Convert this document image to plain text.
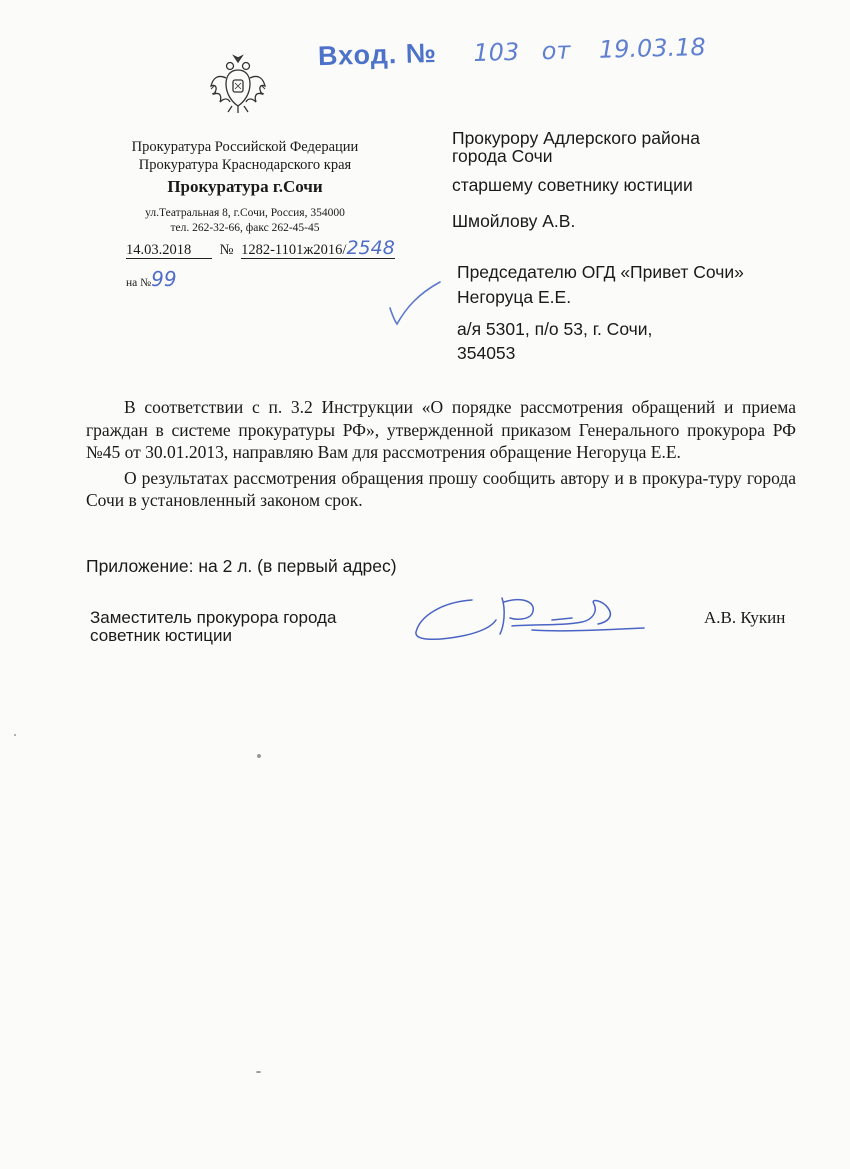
Вход. № 103 от 19.03.18
Прокуратура Российской Федерации
Прокуратура Краснодарского края
Прокуратура г.Сочи
ул.Театральная 8, г.Сочи, Россия, 354000
тел. 262-32-66, факс 262-45-45
14.03.2018 № 1282-1101ж2016/2548
на №99
Прокурору Адлерского района
города Сочи
старшему советнику юстиции
Шмойлову А.В.
Председателю ОГД «Привет Сочи»
Негоруца Е.Е.
а/я 5301, п/о 53, г. Сочи,
354053

В соответствии с п. 3.2 Инструкции «О порядке рассмотрения обращений и приема граждан в системе прокуратуры РФ», утвержденной приказом Генерального прокурора РФ №45 от 30.01.2013, направляю Вам для рассмотрения обращение Негоруца Е.Е.

О результатах рассмотрения обращения прошу сообщить автору и в прокура-туру города Сочи в установленный законом срок.

Приложение: на 2 л. (в первый адрес)
Заместитель прокурора города
советник юстиции
А.В. Кукин
